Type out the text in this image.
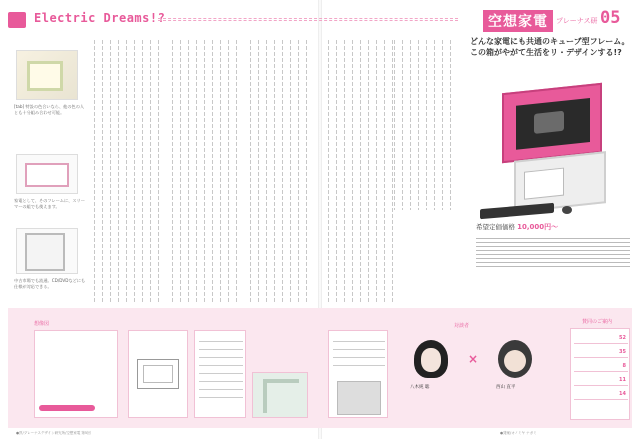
Electric Dreams!?	空想家電	プレーナス研 05
[tab] 特設の色合いなら、他の色の人とも十分組み合わせ可能。
家電として、そのフレームに、スリーマーの組でも使えます。
中古市場でも流通。CD/DVDなどにも仕様が対応できる。
どんな家電にも共通のキューブ型フレーム。この箱がやがて生活をリ・デザインする!?
希望定価価格 10,000円〜
想像図	対談者
×
八木純 聡	西山 直平
52
35
8
11
14
賛同のご案内
●頁/プレーナスデザイン研究所/空想家電 第5回	●発案/オノミヤ ナガミ
